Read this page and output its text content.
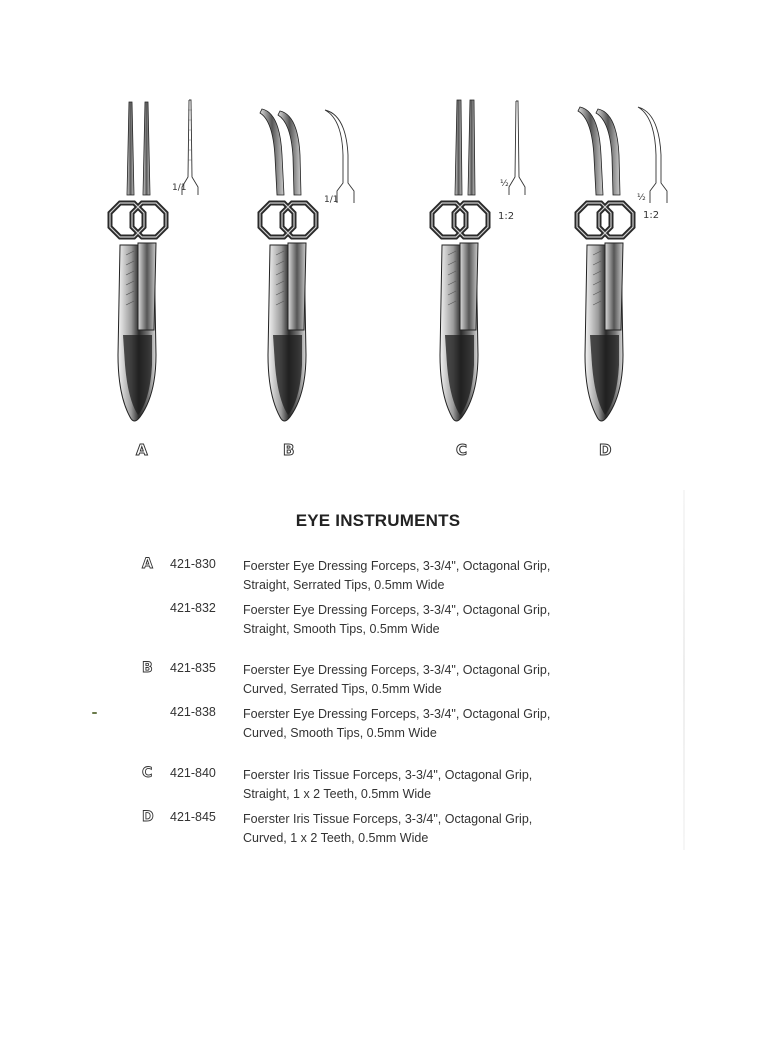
1/1
1/1
½
1:2
½
1:2
A	B	C	D
EYE INSTRUMENTS
A 421-830 Foerster Eye Dressing Forceps, 3-3/4", Octagonal Grip,
Straight, Serrated Tips, 0.5mm Wide
421-832 Foerster Eye Dressing Forceps, 3-3/4", Octagonal Grip,
Straight, Smooth Tips, 0.5mm Wide
B 421-835 Foerster Eye Dressing Forceps, 3-3/4", Octagonal Grip,
Curved, Serrated Tips, 0.5mm Wide
421-838 Foerster Eye Dressing Forceps, 3-3/4", Octagonal Grip,
Curved, Smooth Tips, 0.5mm Wide
C 421-840 Foerster Iris Tissue Forceps, 3-3/4", Octagonal Grip,
Straight, 1 x 2 Teeth, 0.5mm Wide
D 421-845 Foerster Iris Tissue Forceps, 3-3/4", Octagonal Grip,
Curved, 1 x 2 Teeth, 0.5mm Wide
